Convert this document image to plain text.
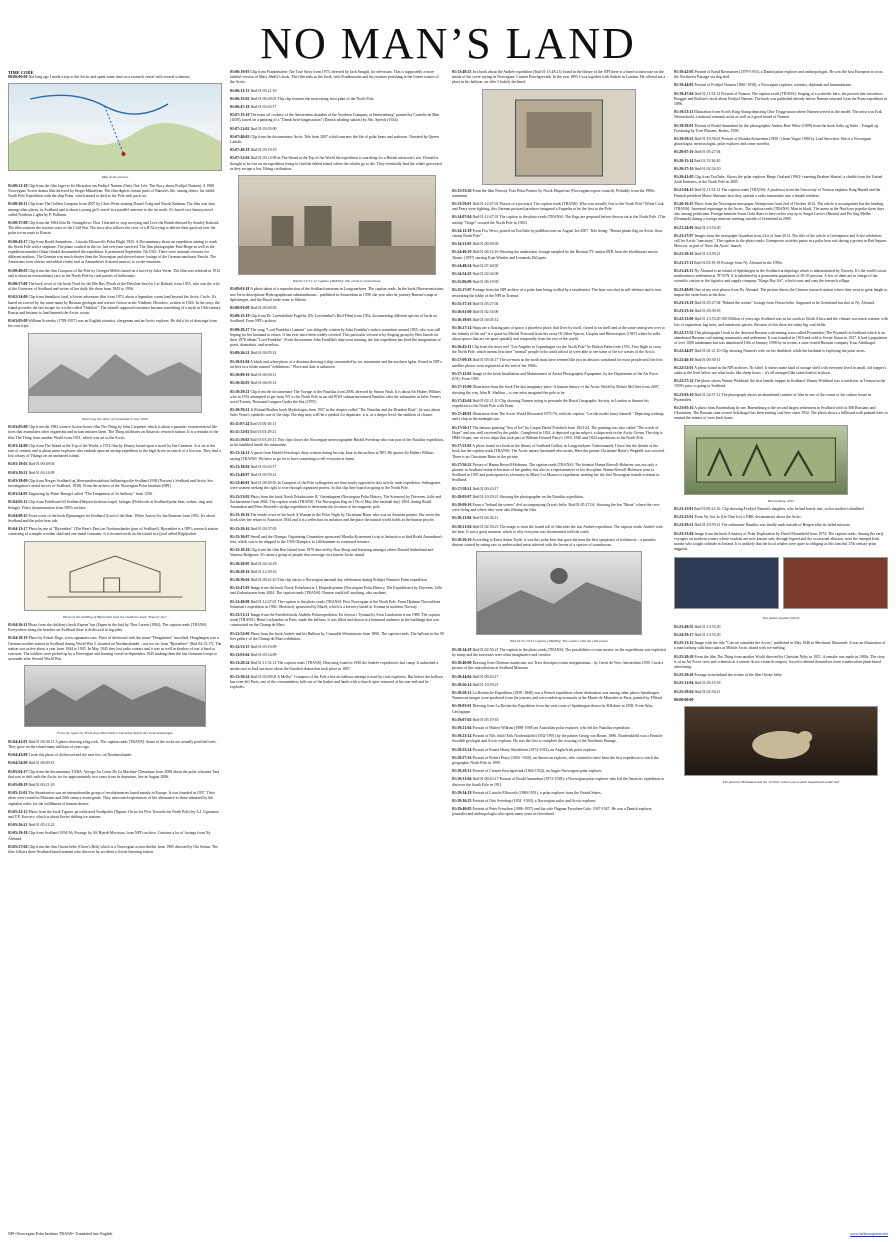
NO MAN’S LAND
TIME CODE
00:00:00:00 Not long ago I made a trip to the Arctic and spent some time on a research vessel with several scientists.
Map of the journey
01:00:21:18 Clip from the film Jaget er för Historien om Fridtjof Nansen (Only One Life: The Story about Fridtjof Nansen). A 1968 Norwegian/ Soviet drama film directed by Sergei Mikaelyan. The film depicts certain parts of Nansen's life, among others, his failed North Pole Expedition with the ship Fram, which aimed to drift to the Pole with pack ice.
01:00:30:11 Clip from The Golden Compass from 2007 by Chris Weitz starring Daniel Craig and Nicole Kidman. The film was shot, among other places, in Svalbard and is about a young girl's travel in a parallel universe to the far north. It's based on a fantasy novel called Northern Lights by P. Pullman.
01:00:37:08 Clip from the 1964 film Dr. Strangelove: How I learned to stop worrying and Love the Bomb directed by Stanley Kubrick. The film satirizes the nuclear scare of the Cold War. The story also follows the crew of a B-52 trying to deliver their payload over the polar ice en route to Russia.
01:00:43:17 Clip from Roald Amundsen – Lincoln Ellsworth's Polar Flight 1925. A Documentary about an expedition aiming to reach the North Pole with a seaplane. The plane crashed in the ice, but everyone survived. The film photographer Paul Berge as well as the expedition member Oskar Omdal documented the expedition. It premiered September 7th 1925. There were national versions for different markets. The German was much shorter than the Norwegian and showed more footage of the German mechanic Feucht. The Americans even shorter and added a baby seal as Amundsen's fictional mascot, to evoke emotions.
01:00:49:03 Clip from the film Conquest of the Pole by Georges Méliès based on a novel by Jules Verne. The film was released in 1912 and is about an extraordinary race to the North Pole by rival parties of balloonists.
01:00:57:00 The back cover of the book Nord for det Ble Has (North of the Desolate Sea) by Liv Balstad, from 1955, who was the wife of the Governor of Svalbard and writes of her daily life there from 1945 to 1956.
01:02:34:00 Clip from Sannikow land, a Soviet adventure film from 1973, about a legendary warm land beyond the Arctic Circle. It's based on a novel by the same name by Russian geologist and science fiction writer Vladimir Obruchev, written in 1926. In the story, the island provides the last escape for a tribe called "Onkilon". The island's supposed existence became something of a myth in 19th-century Russia and became to land beneath the Arctic ocean.
01:03:05:09 William Scoresby (1789-1857) was an English scientist, clergyman and an Arctic explorer. He did a lot of drawings from his own trips.
Observing the shore of Greenland in July 1930.
01:03:05:00 Clip from the 1982 science fiction horror film The Thing by John Carpenter which is about a parasitic extraterrestrial life form that assimilates other organisms and in turn imitates them. The Thing infiltrates an Antarctic research station. It is a remake of the film The Thing from another World from 1951, which was set in the Arctic.
01:03:14:09 Clip from The Island at the Top of the World, a 1974 film by Disney, based upon a novel by Ian Cameron. It is set at the turn of century and is about some explorers who embark upon an airship expedition to the high Arctic in search of a lost son. They find a lost colony of Vikings on an uncharted island.
01:03:19:03 Ibid 01:00:49:03
01:03:29:21 Ibid 01:03:14:09
01:03:38:09 Clip from Norges Svalbard og Ishavsundersokelsers befbaringsvilje Svalbard 1938 (Norway's Svalbard and Arctic Sea investigation's aerial survey of Svalbard, 1938). From the archive of the Norwegian Polar Institute (NPI).
01:03:54:03 Engraving by Pieter Bruegel called "The Temptation of St Anthony" from 1556.
01:04:05:12 Clip from Fuhrlistad till Svalbard/Isbjorn-hvalross-isspel, belugas (Fieldwork at Svalbard/polar bear, walrus, ring seal, beluga). Video documentation from NPI's archive.
01:04:09:15 Front cover of the book Bjørnungen fra Svalbard (Lord of the Bear: White Arrow) by Jan Knutsen from 1992. It's about Svalbard and the polar bear cub.
01:04:15:17 Photo by me of "Bjornehiet" (The Bear's Den) on Nordaustlandet (part of Svalbard). Bjornehiet is a NPI's research station consisting of a simple wooden shed and one metal container. It is located north on the island in a fjord called Rijpfjorden.
Photo of the building of Bjornehiet from the children's book "Espens' hus"
01:04:36:11 Photo from the children's book Espens' hus (Espen in the hut) by Thor Larsen (1982). The caption reads [TRANS]: Everywhere along the beaches on Svalbard there is driftwood in big piles.
01:04:38:19 Photo by Eckart Dege, www.ogmanaer.com. Piece of driftwood with the name "Hauglannes" inscribed. Hauglaugen was a German weather station in Svalbard during World War 2, situated on Nordaustlandet – not too far from "Bjornehiet" (Ibid 04:15:17). The station was active about a year from 1944 to 1945. In May 1945 they lost radio contact and it was as well in shadow of war it hard to evacuate. The soldiers were picked up by a Norwegian seal hunting vessel in September 1945 making them the last Germans troops to surrender after Second World War.
From the report by Ernst-Axel Hirschbein's Vierzirkel Aufruf des Unternehmungen
01:04:41:01 Ibid 01:04:36:11 A photo showing a big rock. The caption reads [TRANS]: Some of the rocks are actually petrified trees. They grew on the island many millions of years ago.
01:04:43:08 I took this photo of driftwood and the nest few, on Nordaustlandet.
01:04:54:00 Ibid 01:04:09:15
01:05:04:17 Clip from the documentary TARA: Voyage Au Coeur De La Machine Climatique from 2008 about the polar schooner Tara that was to drift with the Arctic ice for approximately two years from its departure, late in August 2006.
01:05:08:19 Ibid 01:00:21:18
01:05:11:01 The Situationists was an internationalist group of revolutionaries based mainly in Europe. It was founded in 1957. Their ideas were rooted in Marxism and 20th century avant-garde. They advocated experiences of life alternative to those admitted by the capitalist order, for the fulfillment of human desires.
01:05:22:12 Photo from the book Tiguon: pa tofuk med Nordpolen (Tiguon: On an Ice Floe Towards the North Pole) by A.J. Ugriumov and V.P. Koroviv, which is about Soviet drifting ice stations.
01:05:26:21 Ibid 01:05:12:22
01:05:19:18 Clip from Svalbard 1954-56, Footage by Alf Hjerdt-Morrison, from NPI's archive. Contains a lot of footage from Ny Ålesund.
01:05:27:04 Clip from the film Orions belte (Orion's Belt) which is a Norwegian action-thriller from 1985 directed by Ola Solum. The film follows three Svalbard based seamen who discover by accident a Soviet listening station.
01:06:19:03 Clip from Frankenstein: The True Story from 1973, directed by Jack Smight, for television. This is supposedly a more faithful version of Mary Shelly's book. The film ends as the book, with Frankenstein and his creature perishing in the frozen wastes of the Arctic.
01:06:31:13 Ibid 01:03:21:10
01:06:35:02 Ibid 01:00:49:03 This clip features the man-eating frost giant of the North Pole.
01:06:47:18 Ibid 01:03:43:17
01:07:15:10 The main oil cookery of the Amsterdam chamber of the Northern Company at Smeerenburg" painted by Cornelis de Man (1639), based on a painting of a "Dansk hval-fangststation" (Danish whaling station) by Abr. Speeck (1634).
01:07:21:02 Ibid 01:03:05:00
01:07:40:02 Clip from the documentary Arctic Tale from 2007 which narrates the life of polar bears and walruses. Narrated by Queen Latifah.
01:07:49:18 Ibid 01:03:19:19
01:07:52:04 Ibid 01:03:14:09 in The Island at the Top of the World the expedition is searching for a British aristocrat's son. Donald is thought to be lost on an expedition trying to find the fabled island where the whales go to die. They eventually find the whale graveyard as they escape a lost Viking civilisation.
Ibid 01:15:51:12 Caption [TRANS]: The world is symmetrical.
01:08:01:18 A photo taken of a reproduction of the Svalbard museum in Longyearbyen. The caption reads: In the book Oberservatorium, neu Terra descriptione Hydrographicum admirandarum... published in Amsterdam in 1598, the year after he journey Barents's map of Spitsbergen, and the Dutch trade route to Siberia.
01:08:03:08 Ibid 01:00:49:03
01:08:15:18 Clip from Dr. Lavendaliule Fugleliv (Dr. Lavendaliul's Bird Film) from 1952, documenting different species of birds on Svalbard. From NPI's archive.
01:09:28:17 The song "Lord Franklin's Lament" was allegedly written by John Franklin's widow sometime around 1855, who was still hoping for her husband to return. It has ever since been widely covered. This particular version is by Singing group by Bert Jansch on their 1970 album "Lord Franklin". From the moment John Franklin's ship went missing, the lost expedition has fired the imagination of poets, dramatists, and novelists.
01:09:26:21 Ibid 01:04:05:12
01:10:01:04 A black and white photo of a diorama showing a ship surrounded by ice, mountains and the northern lights. Found in NPI's archive in a folder named "exhibitions." Place and date is unknown.
01:10:09:16 Ibid 01:00:30:11
01:10:26:03 Ibid 01:04:05:12
01:10:29:21 Clip from the documentary The Voyage of the Nautilus from 2006, directed by Simon Nash. It is about Sir Hubert Wilkins who in 1931 attempted to get from NY to the North Pole in an old WWI submarine named Nautilus after the submarine in Jules Verne's novel Twenty Thousand Leagues Under the Sea (1870).
01:10:59:21 Is Roland Barthes book Mythologies from 1957 in the chapter called "The Nautilus and the Drunken Boat", he says about Jules Verne's symbolic use of the ship: The ship may well be a symbol for departure; it is, at a deeper level, the emblem of closure.
01:11:07:24 Ibid 01:00:30:11
01:11:12:03 Ibid 01:03:29:21
01:11:19:02 Ibid 01:03:29:21 This clips shows the Norwegian meteorographer Harald Sverdrup who was part of the Nautilus expedition, in his bunkbed inside the submarine.
01:13:14:21 A quote from Harald Sverdrup's diary written during his trip, kept in the archive at NPI. He quotes Sir Hubert Wilkins saying [TRANS]: We have to go far to have something to tell everyone at home.
01:13:18:04 Ibid 01:03:43:17
01:13:49:07 Ibid 01:03:59:21
01:13:46:01 Ibid 01:00:49:03 In Conquest of the Pole suffragettes are ferociously opposed to this strictly male expedition. Suffragettes were women seeking the right to vote through organized protest. In this clip they board on going to the North Pole.
01:13:53:02 Photo from the book Norsk Polarhistorie II, Vitenskapene (Norwegian Polar History, The Sciences) by Drivenes, Jolle and Zachariassen from 2004. The caption reads [TRANS]: The Norwegian flag on 17th of May (the national day) 1904, during Roald Amundsen and Peter Ristvedt's sledge expedition to determine the location of the magnetic pole.
01:15:10:16 The inside cover of the book A Woman in the Polar Night by Christiane Ritter who was an Austrian painter. She wrote the book after her return to Austria in 1934 and it is a reflection on isolation and the place the natural world holds in the human psyche.
01:15:20:16 Ibid 01:03:57:03
01:15:30:07 Steedl and the Olympic Organizing Committee sponsored Monika Kristensen's trip to Antarctica to find Roald Amundsen's tent, which was to be shipped to the 1994 Olympics in Lillehammer as a national treasure.
01:15:18:16 Clip from the film Ron Island from 1979 directed by Don Sharp and featuring amongst others Donald Sutherland and Vanessa Redgrave. It's about a group of people that converge on a barren Arctic island.
01:18:28:05 Ibid 01:02:34:18
01:18:28:16 Ibid 01:12:30:16
01:18:30:04 Ibid 01:00:21:10 This clip shows a Norwegian national day celebration during Fridtjof Nansen's Fram expedition.
01:12:47:03 Image from the book Norsk Polarhistorie I, Ekspedisjonene (Norwegian Polar History, The Expeditions) by Drivenes, Jolle and Zachariassen from 2004. The caption reads [TRANS]: Nansen could tell anything, also sardines.
01:12:49:00 Ibid 01:12:47:01 The caption to the photo reads [TRANS]: First Norwegian at the North Pole. From Hjalmar Thorvaldsen Johansen's expedition in 1982. Obviously sponsored by Macél, which is a brewery based in Tromsø in northern Norway.
01:12:51:21 Image from the Swedish book Andrées Polarexpedition: Ett försvar i Tystnad by Sven Lundström from 1988. The caption reads [TRANS]: Henri Lachambre in Paris, made the balloon. It was filled and shown to a bemused audience in the buildings that was constructed on the Champ de Mars.
01:12:52:06 Photo from the book Andrée and his Balloon by Constable Westminster from 1898. The caption reads: The balloon in the 90 feet gallery of the Champ de Mars exhibition.
01:12:53:15 Ibid 01:03:16:09
01:13:03:04 Ibid 01:03:14:09
01:13:20:24 Ibid 01:11:53:12 The caption reads [TRANS]: Drurrsing found in 1930 the Andrée expedition's last camp. It unleashed a media race to find out more about the Swedish drama that took place in 1897.
01:13:30:24 Ibid 01:03:09:03 A Mellor" Conquest of the Pole a hot-air balloon attempt is used by rival explorers. But before the balloon has even left Paris, one of the crewmembers falls out of the basket and lands with a church spire removed at his rear-end and he explodes.
01:13:48:23 In a book about the Andrée expedition (Ibid 01:13:48:23) found in the library of the NPI there is a hand written note on the inside of the cover saying in Norwegian: Carsten Borchgrevink: In the year 1895 I was together with Andrée in London. He offered me a place in his balloon, an offer I luckily declined.
01:15:53:26 From the film Norway Your Polar Partner by Norsk Ekspertise (Norwegian export council). Probably from the 1980s sometime.
01:13:59:01 Ibid 01:12:47:01 Picture of a postcard. The caption reads [TRANS]: Who was actually first to the North Pole? While Cook and Peary were fighting, this German postcard producer imagined a Zeppelin to be the first to the Pole.
01:14:07:04 Ibid 01:12:47:01 The caption to the photo reads [TRANS]: The flags are prepared before thrown out at the North Pole. (The airship "Norge" crossed the North Pole in 1926)
01:14:12:18 From Fox News, posted on YouTube by podblast.com on August 3rd 2007. Title being: "Russia plants flag on Arctic floor, claims North Pole"
01:14:31:05 Ibid 01:00:49:03
01:14:40:19 Ibid 01:04:12:16 Showing the underwater footage sampled by the Russian TV station RTR from the blockbuster movie Titanic (1997) starring Kate Winslet and Leonardo DiCaprio.
01:14:48:24 Ibid 01:07:40:02
01:14:54:25 Ibid 01:02:34:00
01:15:06:09 Ibid 01:06:19:03
01:15:27:07 Footage from the NPI archive of a polar bear being stuffed by a taxidermist. The bear was shot in self-defence and is now decorating the lobby of the NPI in Tromsø.
01:15:37:16 Ibid 01:05:27:04
01:16:01:00 Ibid 01:02:34:00
01:16:18:03 Ibid 01:04:05:12
01:16:27:14 Ships are a floating part of space, a placeless place, that lives by itself, closed in on itself and at the same time given over to the infinity of the sea" is a quote by Michel Foucault from his essay Of Other Spaces, Utopias and Heterotopias (1967) where he talks about spaces that are set apart spatially and temporally from the rest of the world.
01:16:45:11 Clip from the news reel "Los Angeles to Copenhagen via the North Pole" by British Pathe from 1953. First flight to cross the North Pole, which means first time "normal" people (who could afford it) were able to see some of the ice wastes of the Arctic.
01:17:09:18 Ibid 01:05:04:17 The ice-mass in the north must have seemed like just an abstract wasteland for most people until the first satellite photos were registered at the end of the 1960s.
01:17:12:02 Image of the book Installation and Maintenance of Aerial Photographic Equipment, by the Department of the Air Force (US). From 1965.
01:17:15:00 Illustration from the book The last imaginary place: A human history of the Arctic World by Robert McGhee from 2007, showing the way John H. Sheldon – is one artist imagined the pole to be.
01:17:45:04 Ibid 01:02:21:10 Clip showing Nansen trying to persuade the Royal Geographic Society in London to finance his expedition to the North Pole with Fram.
01:17:48:01 Illustration from The Arctic World Illustrated 1875-76, with the caption: "Let the reader fancy himself." Depicting icebergs and a ship in the midnight sun.
01:17:50:17 The famous painting "Sea of Ice" by Caspar David Friedrich from 1823-24. The painting was also called "The wreck of Hope" and was well received by the public. Completed in 1824, it depicted a grim subject, a shipwreck in the Arctic Ocean. The ship is HMS Griper, one of two ships that took part in William Edward Parry's 1819–1820 and 1824 expeditions to the North Pole.
01:17:53:03 A photo found in a book in the library of Svalbard Gallery in Longyearbyen. Unfortunately I have lost the details of the book but the caption reads [TRANS]: The Arctic nature fascinated also artists. Here the painter Christiane Ritter's Wegkehl was covered. There is no Christiane Ritter in the picture.
01:17:56:22 Picture of Hanna Resvoll-Holmsen. The caption reads [TRANS]: The botanist Hanna Resvoll-Holmsen was not only a pioneer in Svalbard research because of her gender, but also as a representative of her discipline. Hanna Resvoll-Holmsen went to Svalbard in 1907 and participated as a botanist in Albert I of Monaco's expedition, making her the first Norwegian female scientist in Svalbard.
01:17:58:21 Ibid 01:00:43:17
01:18:05:07 Ibid 01:10:29:21 Showing the photographer on the Nautilus expedition.
01:18:09:16 From a "behind the scenes" dvd accompanying Orion's belte. Ibid 01:05:27:04. Showing the bar "Huset" where the crew were living and where they were also filming the film.
01:18:13:06 Ibid 01:04:36:11
01:18:21:04 Ibid 01:02:30:21 The image is from the found roll of film after the lost Andrée expedition. The caption reads: Andrée with the bear. It was a great moment, which is why everyone was documented with the catch.
01:18:26:16 According to Ernst Adam Tryde, it was this polar bear that gave the men the first symptoms of trichinosis – a parasitic disease caused by eating raw or undercooked meat infected with the larvae of a species of roundworm.
Ibid 01:31:13:12 Caption [TRANS]: The country with the cold coasts
01:18:34:18 Ibid 01:02:50:21 The caption to the photo reads [TRANS]: The possibilities to earn money on the expeditions was exploited by many and the souvenirs were often imaginative and creative.
01:18:40:00 Drawing from Obertum nautticum, seu Terra descriptio trium navigationum... by Gerrit de Veer, Amsterdam 1598. I took a picture of this reproduction at Svalbard Museum.
01:18:44:04 Ibid 01:00:43:17
01:18:56:14 Ibid 01:10:59:21
01:18:59:12 La Recherche Expedition (1838 -1840) was a French expedition whose destination was among other places Spitsbergen. Numerous images were produced from the journey and were ended up in murals at the Musée de Ministère in Paris, painted by F.Biard.
01:19:03:01 Drawing from La Recherche Expedition from the west coast of Spitsbergen drawn by B.Robert in 1838. From Atlas Geologique.
01:19:07:02 Ibid 01:05:19:18
01:19:21:04 Portrait of Hubert Wilkins (1888-1958) an Australian polar explorer, who led the Nautilus expedition.
01:19:23:14 Portrait of Nils Adolf Erik Nordenskiöld (1832-1901) by the painter Georg von Rosen, 1886. Nordenskiöld was a Finnish-Swedish geologist and Arctic explorer. He was the first to complete the crossing of the Northeast Passage.
01:19:25:24 Portrait of Ernest Henry Shackleton (1874-1922), an Anglo-Irish polar explorer.
01:19:27:16 Portrait of Robert Peary (1856 -1920), an American explorer, who claimed to have been the first expedition to reach the geographic North Pole in 1909.
01:19:29:12 Portrait of Carsten Borchgrevink (1864-1934), an Anglo-Norwegian polar explorer.
01:19:31:04 Ibid 01:00:43:17 Portrait of Roald Amundsen (1872-1928), a Norwegian polar explorer who led the Antarctic expedition to discover the South Pole in 1911.
01:19:34:19 Portrait of Lincoln Ellsworth (1880-1951), a polar explorer from the United States.
01:19:36:23 Portrait of Otto Sverdrup (1854 -1930), a Norwegian sailor and Arctic explorer.
01:19:40:05 Portrait of Peter Freuchen (1886-1957) and his wife Dagmar Freuchen-Gale, 1947-1947. He was a Danish explorer, journalist and anthropologist who spent many years in Greenland.
01:19:42:05 Portrait of Knud Rasmussen (1879-1933), a Danish polar explorer and anthropologist. He was the first European to cross the Northwest Passage via dog sled.
01:19:44:05 Portrait of Fridtjof Nansen (1861-1930), a Norwegian explorer, scientist, diplomat and humanitarian.
01:19:47:04 Ibid 01:11:53:12 Portrait of Nansen. The caption reads [TRANS]: Staging of a scientific hero, the portrait that introduces Brogger and Rolfsen's book about Fridtjof Nansen. The book was published already before Nansen returned from the Fram expedition in 1896.
01:19:53:11 Illustration from Scott's King Stamp depicting Olav Tryggvasson where Nansen served as the model. The artist was Erik Werenskiold, a national romantic artist as well as a good friend of Nansen.
01:19:58:01 Portrait of Roald Amundsen by the photographer Anders Beer Wilse (1909) from the book Salto og Sulto – Fangstl og Forskning by Tove Flatsaes, Rodos, 1990.
01:19:59:23 Ibid 01:19:58:01 Portrait of Monika Kristensen (1950 -) from Vogue 1980 by Lord Snowdon. She is a Norwegian glaciologist, meteorologist, polar explorer and crime novelist.
01:20:07:16 Ibid 01:05:27:04
01:20:11:14 Ibid 01:15:30:20
01:20:27:16 Ibid 01:02:34:10
01:20:41:05 Clip from YouTube. Shows the polar explorer Børge Ousland (1962-) meeting Ibrahim Sharief, a sheikh from the United Arab Emirates, at the North Pole in 2005.
01:21:04:15 Ibid 01:11:53:12 The caption reads [TRANS]: A professor from the University of Tromsø explains King Harald and the Finnish president Martti Ahtisaari how they operate a radio transmitter into a female reindeer.
01:20:16:15 Photo from the Norwegian newspaper Aftenposten from 2nd of October 2012. The article it accompanies has the heading [TRANS]: Increased espionage in the Arctic. The caption reads [TRANS]: Man in black. The arena in the North are popular these days also among politicians. Foreign minister Jonas Gahr Støre is here on his way up to Sergei Lavrov (Russia) and Per Stig Møller (Denmark) during a foreign minister meeting outside of Greenland in 2009.
01:21:24:06 Ibid 01:13:53:20
01:21:27:07 Images from the newspaper Guardian from 21st of June 2012. The title of the article is Greenpeace and A-list celebrities call for Arctic "sanctuary". The caption to the photo reads: Greenpeace activists pause in a polar bear suit during a protest in Red Square, Moscow, as part of 'Save the Arctic' launch.
01:21:20:16 Ibid 01:10:59:21
01:21:37:11 Ibid 01:03:39:18 Footage from Ny Ålesund in the 1950s.
01:21:43:13 Ny Ålesund is an island of Spitsbergen in the Svalbard archipelago which is administrated by Norway. It's the world's most northernmost settlement at 78°55'N. It is inhabited by a permanent population of 30-35 persons. A few of them are in charge of the scientific station or the logistics and supply company "Kings Bay AS", which owns and runs the research village.
01:23:49:03 One of my own photos from Ny Ålesund. The picture shows the Chinese research station where they went to great length to import the stone lions at the door.
01:23:53:18 Ibid 01:05:27:04 "Behind the scenes" footage from Orions belte. Supposed to be Greenland but shot in Ny Ålesund.
01:23:55:16 Ibid 01:03:39:18
01:22:33:00 Ibid 01:13:53:20 350 Million of years ago Svalbard was as far south as North Africa and the climate was much warmer with lots of vegetation, big trees, and numerous species. Because of this there are today big coal fields.
01:22:37:52 This photograph I took in the deserted Russian coal-mining town called Pyramiden (The Pyramid) in Svalbard which is an abandoned Russian coal mining community and settlement. It was founded in 1910 and sold to Soviet Union in 1927. It had a population of over 1000 inhabitants but was abandoned 10th of January 1998 by its owner, a state owned Russian company Trust Arktikugol.
01:22:44:07 Ibid 01:01:21:10 Clip showing Nansen's wife on her deathbed, while her husband is exploring the polar areas.
01:22:46:10 Ibid 01:00:30:11
01:22:52:01 A photo found in the NPI archives. No label. It shows some kind of storage shelf with everyone lived in small, old trapper's cabin at the level below are what looks like sheep horns – it's all arranged like some kind of artifacts.
01:22:57:22 The photo shows Wanny Woldstad, the first female trapper in Svalbard. Wanny Woldstad was a taxidriver in Tromsø in the 1930's prior to going to Svalbard.
01:23:03:10 Ibid 01:22:37:12 The photograph shows an abandoned canister of film in one of the rooms of the culture house in Pyramiden.
01:23:05:16 A photo from Barentsburg by me. Barentsburg is the second largest settlement in Svalbard with its 500 Russians and Ukrainians. The Russian state owned Arktikugol has been mining coal here since 1932. The photo shows a billboard with painted trees to remind the miners of trees back home.
Barentsburg, 2012
01:23:11:01 Ibid 01:00:21:10. Clip showing Fridtjof Nansen's daughter, who he had barely met, on her mother's deathbed.
01:23:25:01 From Ny Jorr ås (On Thin Ice) a NRK documentary about the Arctic.
01:23:29:21 Ibid 01:10:59:21 The submarine Nautilus was finally sunk outside of Bergen after its failed mission.
01:23:33:04 Image from the book A history of Polar Exploration by David Mountfield from 1974. The caption reads: Among the early voyagers on northern waters whose exploits are now known only through legend and the occasional allusion, were the intrepid Irish monks who sought solitude in Iceland. It is unlikely that the local whales were quite so obliging as this fanciful 17th century print suggests.
Two books of polar history
01:23:40:55 Ibid 01:13:53:20
01:24:50:17 Ibid 01:13:53:20
01:25:13:12 Image with the title "Can we stimulate the Arctic," published in May 1946 in Mechanix Illustrated. It was an illustration of a man looking with binoculars at Mobile Arctic island with ice-melting.
01:25:20:20 From the film The Thing from another World directed by Christian Nyby in 1951. A remake was made in 1980s. The story is of an Air Force crew and scientists at a remote Arctic research outpost, forced to defend themselves from a malevolent plant-based alien being.
01:25:20:20 Footage from behind the scenes of the film Orions belte.
01:25:31:04 Ibid 01:05:19:18
01:25:39:04 Ibid 01:02:34:11
00:00:00:00
The photoset Brittaland and his ‘terrible’ which was a small magnetised model bell
NPI=Norwegian Polar Institute TRANS= Translated into English	www.helenestpierre.net
